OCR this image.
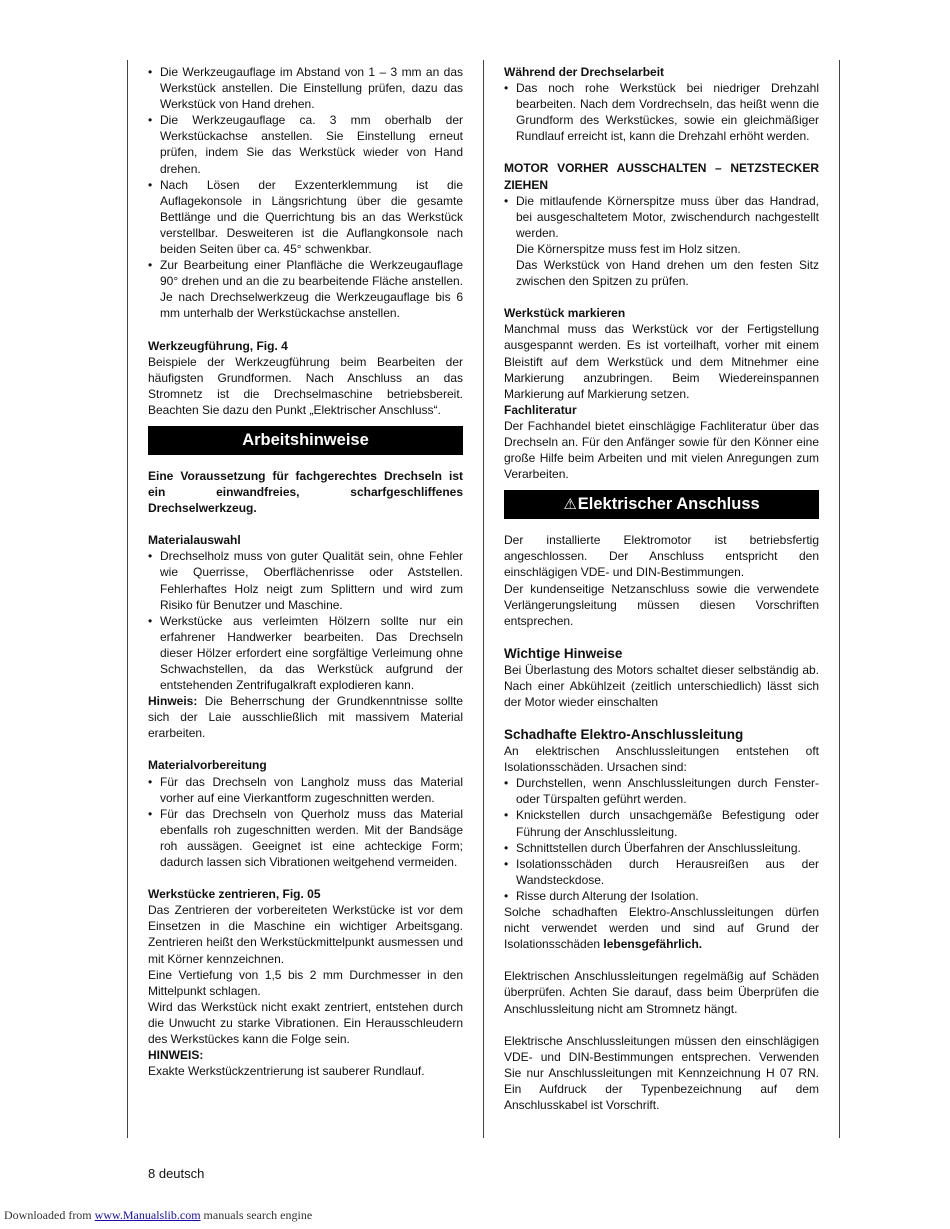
• Die Werkzeugauflage im Abstand von 1 – 3 mm an das Werkstück anstellen. Die Einstellung prüfen, dazu das Werkstück von Hand drehen.
• Die Werkzeugauflage ca. 3 mm oberhalb der Werkstückachse anstellen. Sie Einstellung erneut prüfen, indem Sie das Werkstück wieder von Hand drehen.
• Nach Lösen der Exzenterklemmung ist die Auflagekonsole in Längsrichtung über die gesamte Bettlänge und die Querrichtung bis an das Werkstück verstellbar. Desweiteren ist die Auflangkonsole nach beiden Seiten über ca. 45° schwenkbar.
• Zur Bearbeitung einer Planfläche die Werkzeugauflage 90° drehen und an die zu bearbeitende Fläche anstellen. Je nach Drechselwerkzeug die Werkzeugauflage bis 6 mm unterhalb der Werkstückachse anstellen.

Werkzeugführung, Fig. 4

Beispiele der Werkzeugführung beim Bearbeiten der häufigsten Grundformen. Nach Anschluss an das Stromnetz ist die Drechselmaschine betriebsbereit. Beachten Sie dazu den Punkt „Elektrischer Anschluss“.

Arbeitshinweise

Eine Voraussetzung für fachgerechtes Drechseln ist ein einwandfreies, scharfgeschliffenes Drechselwerkzeug.

Materialauswahl

• Drechselholz muss von guter Qualität sein, ohne Fehler wie Querrisse, Oberflächenrisse oder Aststellen. Fehlerhaftes Holz neigt zum Splittern und wird zum Risiko für Benutzer und Maschine.
• Werkstücke aus verleimten Hölzern sollte nur ein erfahrener Handwerker bearbeiten. Das Drechseln dieser Hölzer erfordert eine sorgfältige Verleimung ohne Schwachstellen, da das Werkstück aufgrund der entstehenden Zentrifugalkraft explodieren kann.

Hinweis: Die Beherrschung der Grundkenntnisse sollte sich der Laie ausschließlich mit massivem Material erarbeiten.

Materialvorbereitung

• Für das Drechseln von Langholz muss das Material vorher auf eine Vierkantform zugeschnitten werden.
• Für das Drechseln von Querholz muss das Material ebenfalls roh zugeschnitten werden. Mit der Bandsäge roh aussägen. Geeignet ist eine achteckige Form; dadurch lassen sich Vibrationen weitgehend vermeiden.

Werkstücke zentrieren, Fig. 05

Das Zentrieren der vorbereiteten Werkstücke ist vor dem Einsetzen in die Maschine ein wichtiger Arbeitsgang. Zentrieren heißt den Werkstückmittelpunkt ausmessen und mit Körner kennzeichnen.

Eine Vertiefung von 1,5 bis 2 mm Durchmesser in den Mittelpunkt schlagen.

Wird das Werkstück nicht exakt zentriert, entstehen durch die Unwucht zu starke Vibrationen. Ein Herausschleudern des Werkstückes kann die Folge sein.

HINWEIS:

Exakte Werkstückzentrierung ist sauberer Rundlauf.

Während der Drechselarbeit

• Das noch rohe Werkstück bei niedriger Drehzahl bearbeiten. Nach dem Vordrechseln, das heißt wenn die Grundform des Werkstückes, sowie ein gleichmäßiger Rundlauf erreicht ist, kann die Drehzahl erhöht werden.

MOTOR VORHER AUSSCHALTEN – NETZSTECKER ZIEHEN

• Die mitlaufende Körnerspitze muss über das Handrad, bei ausgeschaltetem Motor, zwischendurch nachgestellt werden.

Die Körnerspitze muss fest im Holz sitzen.

Das Werkstück von Hand drehen um den festen Sitz zwischen den Spitzen zu prüfen.

Werkstück markieren

Manchmal muss das Werkstück vor der Fertigstellung ausgespannt werden. Es ist vorteilhaft, vorher mit einem Bleistift auf dem Werkstück und dem Mitnehmer eine Markierung anzubringen. Beim Wiedereinspannen Markierung auf Markierung setzen.

Fachliteratur

Der Fachhandel bietet einschlägige Fachliteratur über das Drechseln an. Für den Anfänger sowie für den Könner eine große Hilfe beim Arbeiten und mit vielen Anregungen zum Verarbeiten.

⚠Elektrischer Anschluss

Der installierte Elektromotor ist betriebsfertig angeschlossen. Der Anschluss entspricht den einschlägigen VDE- und DIN-Bestimmungen.

Der kundenseitige Netzanschluss sowie die verwendete Verlängerungsleitung müssen diesen Vorschriften entsprechen.

Wichtige Hinweise

Bei Überlastung des Motors schaltet dieser selbständig ab. Nach einer Abkühlzeit (zeitlich unterschiedlich) lässt sich der Motor wieder einschalten

Schadhafte Elektro-Anschlussleitung

An elektrischen Anschlussleitungen entstehen oft Isolationsschäden. Ursachen sind:

• Durchstellen, wenn Anschlussleitungen durch Fenster- oder Türspalten geführt werden.
• Knickstellen durch unsachgemäße Befestigung oder Führung der Anschlussleitung.
• Schnittstellen durch Überfahren der Anschlussleitung.
• Isolationsschäden durch Herausreißen aus der Wandsteckdose.
• Risse durch Alterung der Isolation.

Solche schadhaften Elektro-Anschlussleitungen dürfen nicht verwendet werden und sind auf Grund der Isolationsschäden lebensgefährlich.

Elektrischen Anschlussleitungen regelmäßig auf Schäden überprüfen. Achten Sie darauf, dass beim Überprüfen die Anschlussleitung nicht am Stromnetz hängt.

Elektrische Anschlussleitungen müssen den einschlägigen VDE- und DIN-Bestimmungen entsprechen. Verwenden Sie nur Anschlussleitungen mit Kennzeichnung H 07 RN. Ein Aufdruck der Typenbezeichnung auf dem Anschlusskabel ist Vorschrift.

8 deutsch
Downloaded from www.Manualslib.com manuals search engine
